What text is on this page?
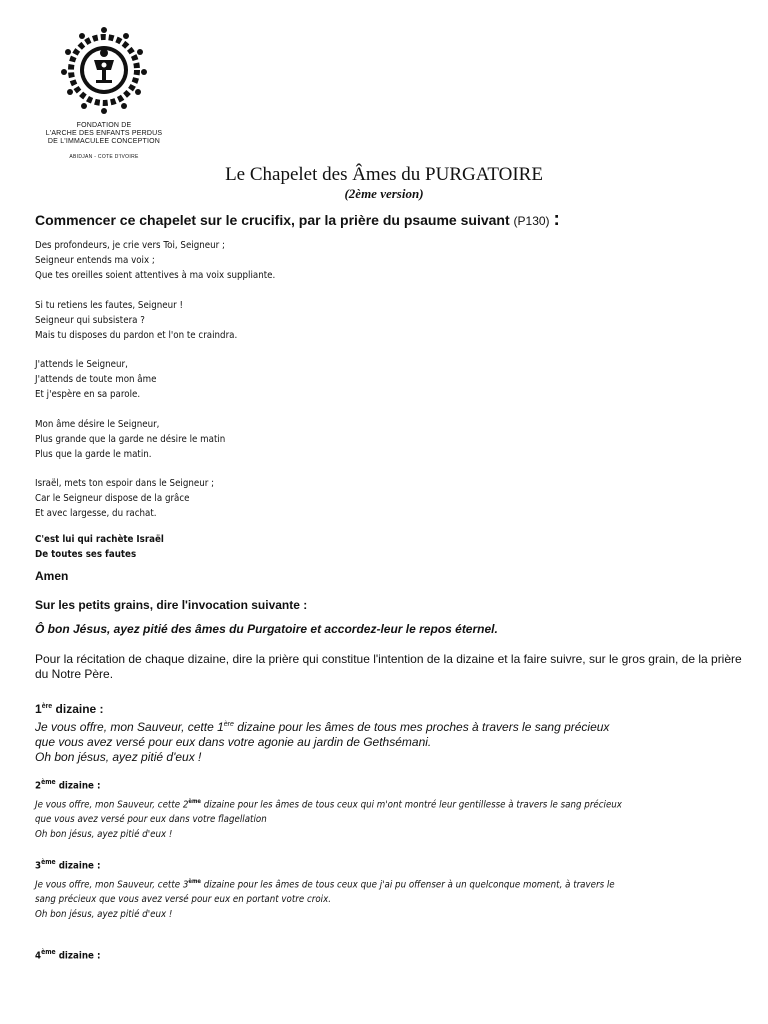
FONDATION DE
L'ARCHE DES ENFANTS PERDUS
DE L'IMMACULEE CONCEPTION
ABIDJAN - COTE D'IVOIRE
Le Chapelet des Âmes du PURGATOIRE
(2ème version)
Commencer ce chapelet sur le crucifix, par la prière du psaume suivant (P130) :
Des profondeurs, je crie vers Toi, Seigneur ;
Seigneur entends ma voix ;
Que tes oreilles soient attentives à ma voix suppliante.
Si tu retiens les fautes, Seigneur !
Seigneur qui subsistera ?
Mais tu disposes du pardon et l'on te craindra.
J'attends le Seigneur,
J'attends de toute mon âme
Et j'espère en sa parole.
Mon âme désire le Seigneur,
Plus grande que la garde ne désire le matin
Plus que la garde le matin.
Israël, mets ton espoir dans le Seigneur ;
Car le Seigneur dispose de la grâce
Et avec largesse, du rachat.
C'est lui qui rachète Israël
De toutes ses fautes
Amen
Sur les petits grains, dire l'invocation suivante :
Ô bon Jésus, ayez pitié des âmes du Purgatoire et accordez-leur le repos éternel.
Pour la récitation de chaque dizaine, dire la prière qui constitue l'intention de la dizaine et la faire suivre, sur le gros grain, de la prière du Notre Père.
1ère dizaine :
Je vous offre, mon Sauveur, cette 1ère dizaine pour les âmes de tous mes proches à travers le sang précieux
que vous avez versé pour eux dans votre agonie au jardin de Gethsémani.
Oh bon jésus, ayez pitié d'eux !
2ème dizaine :
Je vous offre, mon Sauveur, cette 2ème dizaine pour les âmes de tous ceux qui m'ont montré leur gentillesse à travers le sang précieux
que vous avez versé pour eux dans votre flagellation
Oh bon jésus, ayez pitié d'eux !
3ème dizaine :
Je vous offre, mon Sauveur, cette 3ème dizaine pour les âmes de tous ceux que j'ai pu offenser à un quelconque moment, à travers le
sang précieux que vous avez versé pour eux en portant votre croix.
Oh bon jésus, ayez pitié d'eux !
4ème dizaine :
